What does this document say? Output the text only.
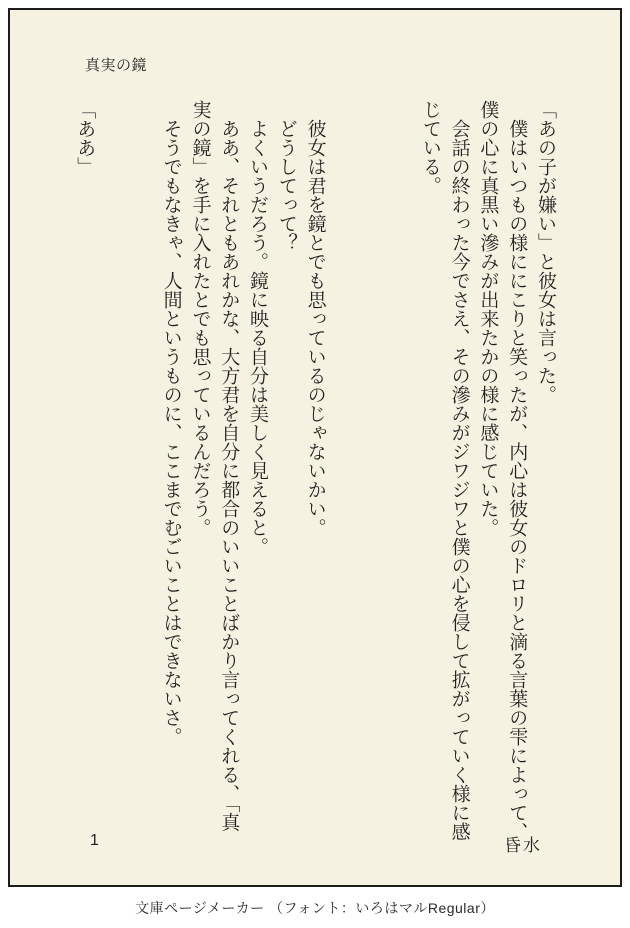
真実の鏡
「あの子が嫌い」と彼女は言った。
　僕はいつもの様ににこりと笑ったが、内心は彼女のドロリと滴る言葉の雫によって、
僕の心に真黒い滲みが出来たかの様に感じていた。
　会話の終わった今でさえ、その滲みがジワジワと僕の心を侵して拡がっていく様に感
じている。
　彼女は君を鏡とでも思っているのじゃないかい。
　どうしてって？
　よくいうだろう。鏡に映る自分は美しく見えると。
　ああ、それともあれかな、大方君を自分に都合のいいことばかり言ってくれる、「真
実の鏡」を手に入れたとでも思っているんだろう。
　そうでもなきゃ、人間というものに、ここまでむごいことはできないさ。
「ああ」
1	昏水
文庫ページメーカー （フォント：いろはマルRegular）
